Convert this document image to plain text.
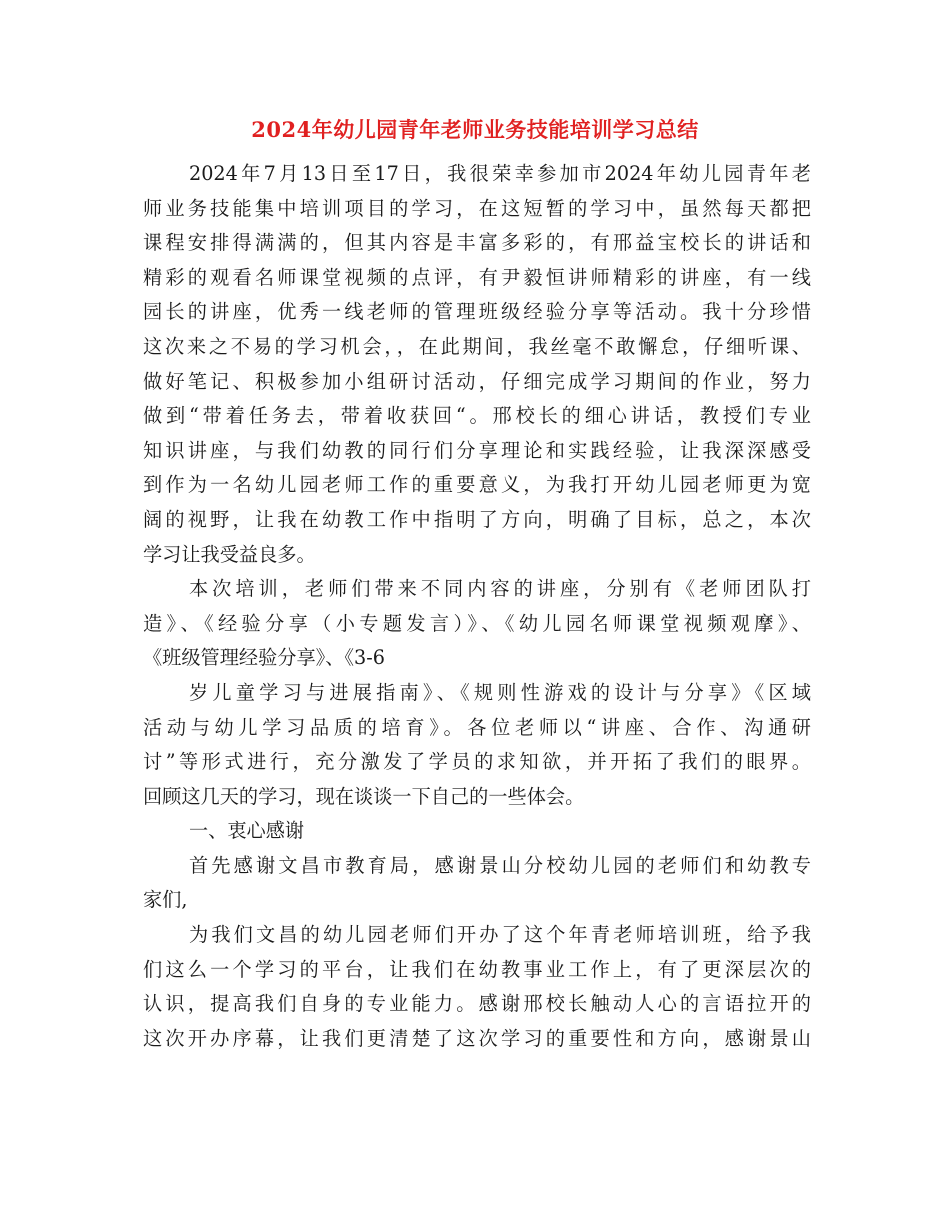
2024年幼儿园青年老师业务技能培训学习总结
2024年7月13日至17日，我很荣幸参加市2024年幼儿园青年老
师业务技能集中培训项目的学习，在这短暂的学习中，虽然每天都把
课程安排得满满的，但其内容是丰富多彩的，有邢益宝校长的讲话和
精彩的观看名师课堂视频的点评，有尹毅恒讲师精彩的讲座，有一线
园长的讲座，优秀一线老师的管理班级经验分享等活动。我十分珍惜
这次来之不易的学习机会，，在此期间，我丝毫不敢懈怠，仔细听课、
做好笔记、积极参加小组研讨活动，仔细完成学习期间的作业，努力
做到“带着任务去，带着收获回“。邢校长的细心讲话，教授们专业
知识讲座，与我们幼教的同行们分享理论和实践经验，让我深深感受
到作为一名幼儿园老师工作的重要意义，为我打开幼儿园老师更为宽
阔的视野，让我在幼教工作中指明了方向，明确了目标，总之，本次
学习让我受益良多。
本次培训，老师们带来不同内容的讲座，分别有《老师团队打
造》、《经验分享（小专题发言）》、《幼儿园名师课堂视频观摩》、
《班级管理经验分享》、《3-6
岁儿童学习与进展指南》、《规则性游戏的设计与分享》《区域
活动与幼儿学习品质的培育》。各位老师以“讲座、合作、沟通研
讨”等形式进行，充分激发了学员的求知欲，并开拓了我们的眼界。
回顾这几天的学习，现在谈谈一下自己的一些体会。
一、衷心感谢
首先感谢文昌市教育局，感谢景山分校幼儿园的老师们和幼教专
家们,
为我们文昌的幼儿园老师们开办了这个年青老师培训班，给予我
们这么一个学习的平台，让我们在幼教事业工作上，有了更深层次的
认识，提高我们自身的专业能力。感谢邢校长触动人心的言语拉开的
这次开办序幕，让我们更清楚了这次学习的重要性和方向，感谢景山
